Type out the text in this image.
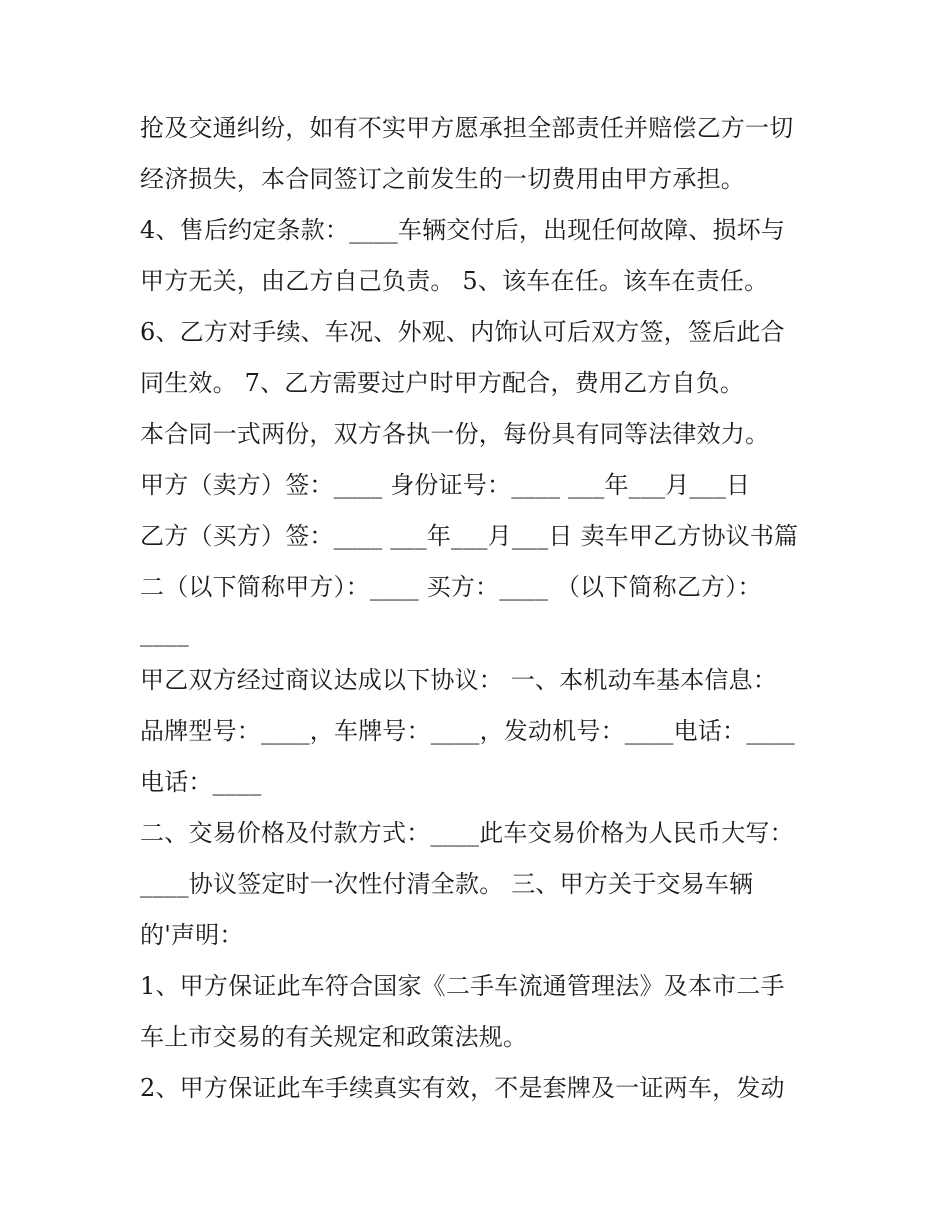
抢及交通纠纷，如有不实甲方愿承担全部责任并赔偿乙方一切

经济损失，本合同签订之前发生的一切费用由甲方承担。

4、售后约定条款：____车辆交付后，出现任何故障、损坏与

甲方无关，由乙方自己负责。 5、该车在任。该车在责任。

6、乙方对手续、车况、外观、内饰认可后双方签，签后此合

同生效。 7、乙方需要过户时甲方配合，费用乙方自负。

本合同一式两份，双方各执一份，每份具有同等法律效力。

甲方（卖方）签：____ 身份证号：____ ___年___月___日

乙方（买方）签：____ ___年___月___日 卖车甲乙方协议书篇

二（以下简称甲方）：____ 买方：____ （以下简称乙方）：

____

甲乙双方经过商议达成以下协议： 一、本机动车基本信息：

品牌型号：____，车牌号：____，发动机号：____电话：____

电话：____

二、交易价格及付款方式：____此车交易价格为人民币大写：

____协议签定时一次性付清全款。 三、甲方关于交易车辆

的'声明：

1、甲方保证此车符合国家《二手车流通管理法》及本市二手

车上市交易的有关规定和政策法规。

2、甲方保证此车手续真实有效，不是套牌及一证两车，发动
